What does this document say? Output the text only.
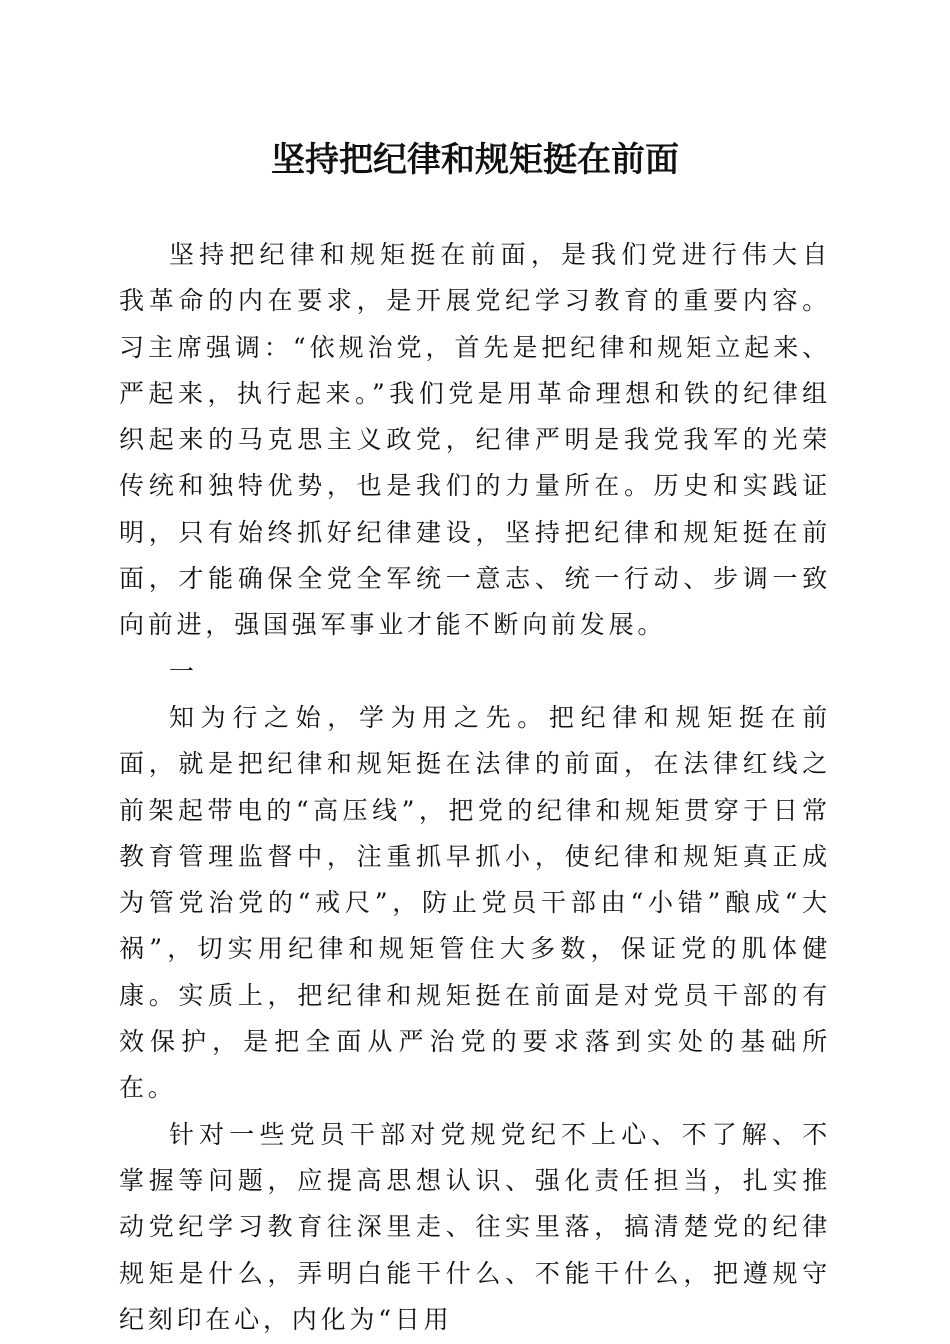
坚持把纪律和规矩挺在前面

坚持把纪律和规矩挺在前面，是我们党进行伟大自我革命的内在要求，是开展党纪学习教育的重要内容。习主席强调：“依规治党，首先是把纪律和规矩立起来、严起来，执行起来。”我们党是用革命理想和铁的纪律组织起来的马克思主义政党，纪律严明是我党我军的光荣传统和独特优势，也是我们的力量所在。历史和实践证明，只有始终抓好纪律建设，坚持把纪律和规矩挺在前面，才能确保全党全军统一意志、统一行动、步调一致向前进，强国强军事业才能不断向前发展。

一

知为行之始，学为用之先。把纪律和规矩挺在前面，就是把纪律和规矩挺在法律的前面，在法律红线之前架起带电的“高压线”，把党的纪律和规矩贯穿于日常教育管理监督中，注重抓早抓小，使纪律和规矩真正成为管党治党的“戒尺”，防止党员干部由“小错”酿成“大祸”，切实用纪律和规矩管住大多数，保证党的肌体健康。实质上，把纪律和规矩挺在前面是对党员干部的有效保护，是把全面从严治党的要求落到实处的基础所在。

针对一些党员干部对党规党纪不上心、不了解、不掌握等问题，应提高思想认识、强化责任担当，扎实推动党纪学习教育往深里走、往实里落，搞清楚党的纪律规矩是什么，弄明白能干什么、不能干什么，把遵规守纪刻印在心，内化为“日用
